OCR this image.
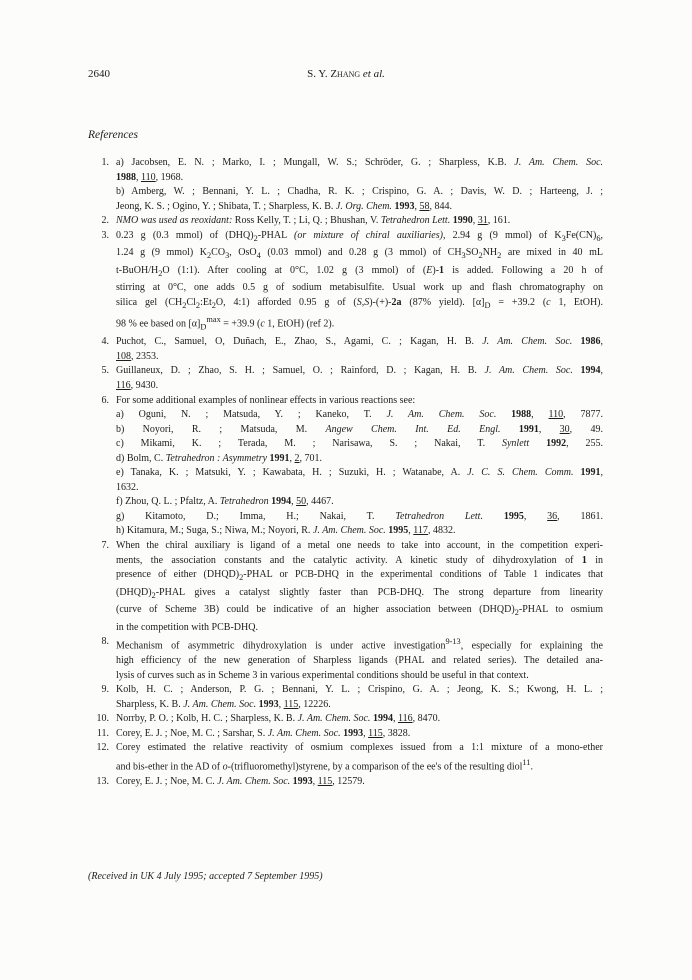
2640	S. Y. Zhang et al.
References
1. a) Jacobsen, E. N. ; Marko, I. ; Mungall, W. S.; Schröder, G. ; Sharpless, K.B. J. Am. Chem. Soc.
1988, 110, 1968.
b) Amberg, W. ; Bennani, Y. L. ; Chadha, R. K. ; Crispino, G. A. ; Davis, W. D. ; Harteeng, J. ;
Jeong, K. S. ; Ogino, Y. ; Shibata, T. ; Sharpless, K. B. J. Org. Chem. 1993, 58, 844.
2. NMO was used as reoxidant: Ross Kelly, T. ; Li, Q. ; Bhushan, V. Tetrahedron Lett. 1990, 31, 161.
3. 0.23 g (0.3 mmol) of $(DHQ)_2$-PHAL (or mixture of chiral auxiliaries), 2.94 g (9 mmol) of $K_3Fe(CN)_6$,
1.24 g (9 mmol) $K_2CO_3$, OsO$_4$ (0.03 mmol) and 0.28 g (3 mmol) of $CH_3SO_2NH_2$ are mixed in 40 mL
$t-BuOH/H_2O$ (1:1). After cooling at 0°C, 1.02 g (3 mmol) of (E)-1 is added. Following a 20 h of
stirring at 0°C, one adds 0.5 g of sodium metabisulfite. Usual work up and flash chromatography on
silica gel ($CH_2Cl_2:Et_2O$, 4:1) afforded 0.95 g of (S,S)-(+)-2a (87% yield). $[\alpha]_D = +39.2$ (c 1, EtOH).
98 % ee based on $[\alpha]_D^{max} = +39.9$ (c 1, EtOH) (ref 2).
4. Puchot, C., Samuel, O, Duñach, E., Zhao, S., Agami, C. ; Kagan, H. B. J. Am. Chem. Soc. 1986,
108, 2353.
5. Guillaneux, D. ; Zhao, S. H. ; Samuel, O. ; Rainford, D. ; Kagan, H. B. J. Am. Chem. Soc. 1994,
116, 9430.
6. For some additional examples of nonlinear effects in various reactions see:
a) Oguni, N. ; Matsuda, Y. ; Kaneko, T. J. Am. Chem. Soc. 1988, 110, 7877.
b) Noyori, R. ; Matsuda, M. Angew Chem. Int. Ed. Engl. 1991, 30, 49.
c) Mikami, K. ; Terada, M. ; Narisawa, S. ; Nakai, T. Synlett 1992, 255.
d) Bolm, C. Tetrahedron : Asymmetry 1991, 2, 701.
e) Tanaka, K. ; Matsuki, Y. ; Kawabata, H. ; Suzuki, H. ; Watanabe, A. J. C. S. Chem. Comm. 1991,
1632.
f) Zhou, Q. L. ; Pfaltz, A. Tetrahedron 1994, 50, 4467.
g) Kitamoto, D.; Imma, H.; Nakai, T. Tetrahedron Lett. 1995, 36, 1861.
h) Kitamura, M.; Suga, S.; Niwa, M.; Noyori, R. J. Am. Chem. Soc. 1995, 117, 4832.
7. When the chiral auxiliary is ligand of a metal one needs to take into account, in the competition experi-
ments, the association constants and the catalytic activity. A kinetic study of dihydroxylation of 1 in
presence of either $(DHQD)_2$-PHAL or PCB-DHQ in the experimental conditions of Table 1 indicates that
$(DHQD)_2$-PHAL gives a catalyst slightly faster than PCB-DHQ. The strong departure from linearity
(curve of Scheme 3B) could be indicative of an higher association between $(DHQD)_2$-PHAL to osmium
in the competition with PCB-DHQ.
8. Mechanism of asymmetric dihydroxylation is under active investigation$^{9-13}$, especially for explaining the
high efficiency of the new generation of Sharpless ligands (PHAL and related series). The detailed ana-
lysis of curves such as in Scheme 3 in various experimental conditions should be useful in that context.
9. Kolb, H. C. ; Anderson, P. G. ; Bennani, Y. L. ; Crispino, G. A. ; Jeong, K. S.; Kwong, H. L. ;
Sharpless, K. B. J. Am. Chem. Soc. 1993, 115, 12226.
10. Norrby, P. O. ; Kolb, H. C. ; Sharpless, K. B. J. Am. Chem. Soc. 1994, 116, 8470.
11. Corey, E. J. ; Noe, M. C. ; Sarshar, S. J. Am. Chem. Soc. 1993, 115, 3828.
12. Corey estimated the relative reactivity of osmium complexes issued from a 1:1 mixture of a mono-ether
and bis-ether in the AD of o-(trifluoromethyl)styrene, by a comparison of the ee's of the resulting diol$^{11}$.
13. Corey, E. J. ; Noe, M. C. J. Am. Chem. Soc. 1993, 115, 12579.
(Received in UK 4 July 1995; accepted 7 September 1995)
